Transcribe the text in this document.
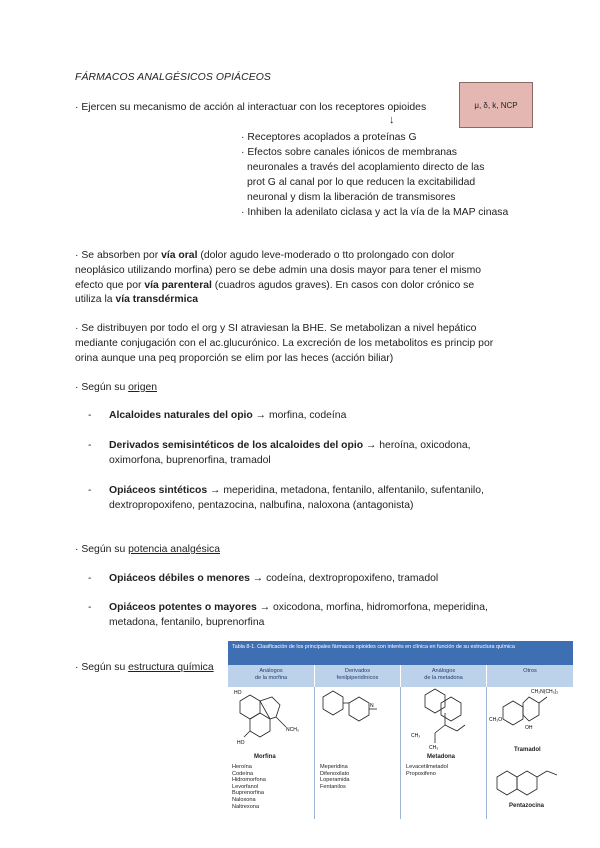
FÁRMACOS ANALGÉSICOS OPIÁCEOS
· Ejercen su mecanismo de acción al interactuar con los receptores opioides	μ, δ, k, NCP
↓
· Receptores acoplados a proteínas G
· Efectos sobre canales iónicos de membranas
neuronales a través del acoplamiento directo de las
prot G al canal por lo que reducen la excitabilidad
neuronal y dism la liberación de transmisores
· Inhiben la adenilato ciclasa y act la vía de la MAP cinasa
· Se absorben por vía oral (dolor agudo leve-moderado o tto prolongado con dolor
neoplásico utilizando morfina) pero se debe admin una dosis mayor para tener el mismo
efecto que por vía parenteral (cuadros agudos graves). En casos con dolor crónico se
utiliza la vía transdérmica
· Se distribuyen por todo el org y SI atraviesan la BHE. Se metabolizan a nivel hepático
mediante conjugación con el ac.glucurónico. La excreción de los metabolitos es princip por
orina aunque una peq proporción se elim por las heces (acción biliar)
· Según su origen
- Alcaloides naturales del opio → morfina, codeína
- Derivados semisintéticos de los alcaloides del opio → heroína, oxicodona,
oximorfona, buprenorfina, tramadol
- Opiáceos sintéticos → meperidina, metadona, fentanilo, alfentanilo, sufentanilo,
dextropropoxifeno, pentazocina, nalbufina, naloxona (antagonista)
· Según su potencia analgésica
- Opiáceos débiles o menores → codeína, dextropropoxifeno, tramadol
- Opiáceos potentes o mayores → oxicodona, morfina, hidromorfona, meperidina,
metadona, fentanilo, buprenorfina
· Según su estructura química
Tabla 8-1. Clasificación de los principales fármacos opioides con interés en clínica en función de su estructura química
Análogos
de la morfina
Derivados
fenilpiperidínicos
Análogos
de la metadona
Otros
HO
HO
NCH₃
Morfina
Heroína
Codeína
Hidromorfona
Levorfanol
Buprenorfina
Naloxona
Naltrexona
N
Meperidina
Difenoxilato
Loperamida
Fentanilos
CH₃
CH₃
Metadona
Levacetilmetadol
Propoxifeno
CH₃O
CH₂N(CH₃)₂
OH
Tramadol
Pentazocina
